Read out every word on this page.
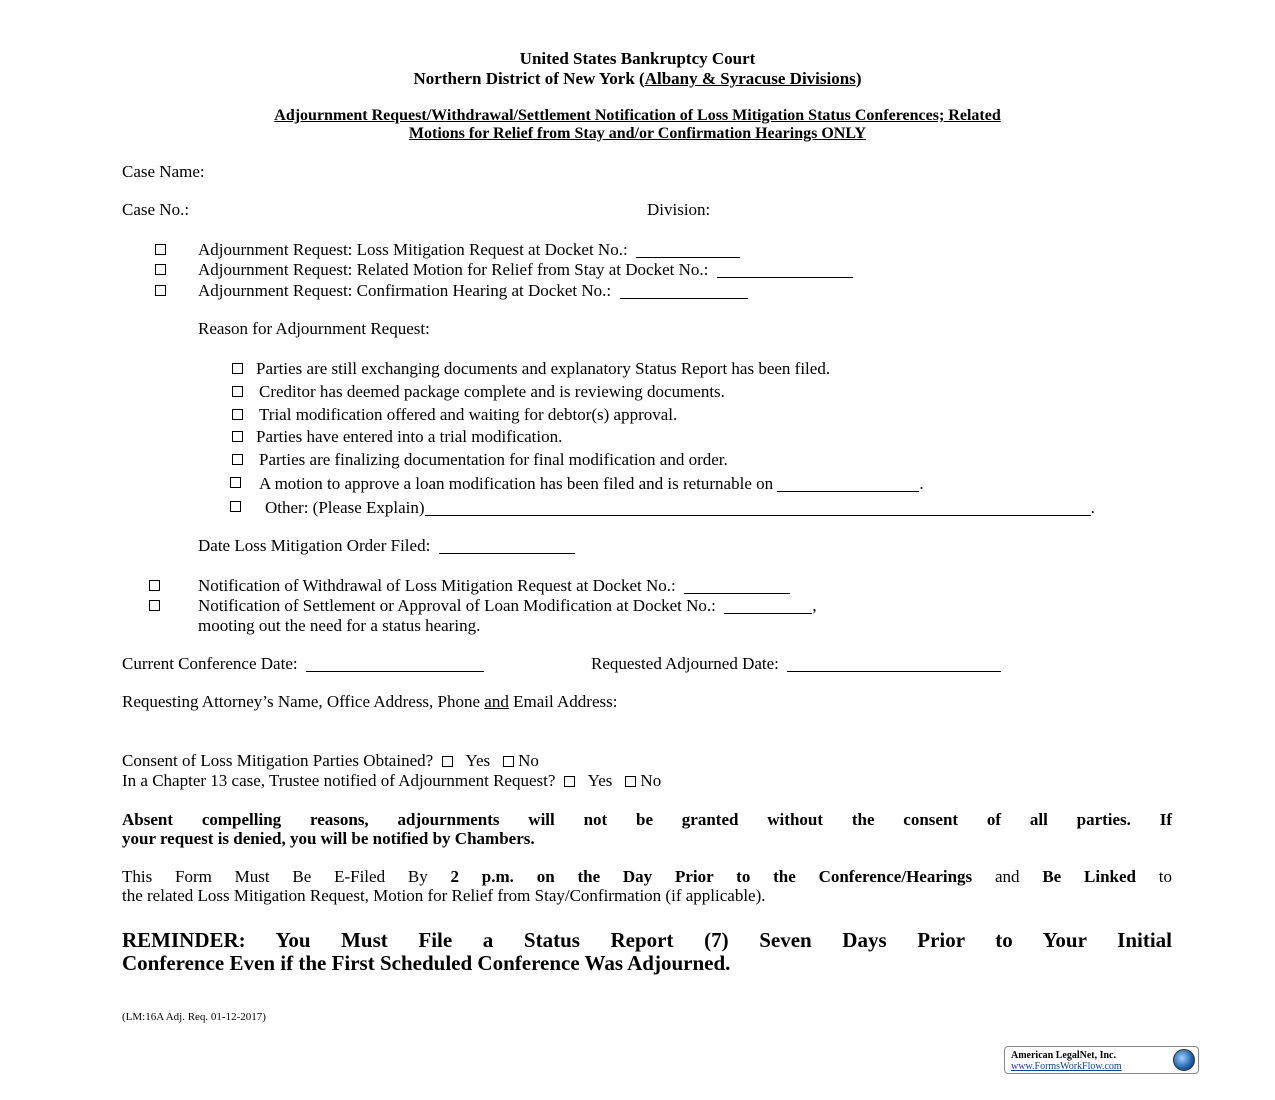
United States Bankruptcy Court
Northern District of New York (Albany & Syracuse Divisions)
Adjournment Request/Withdrawal/Settlement Notification of Loss Mitigation Status Conferences; Related
Motions for Relief from Stay and/or Confirmation Hearings ONLY
Case Name:
Case No.:	Division:
Adjournment Request: Loss Mitigation Request at Docket No.:
Adjournment Request: Related Motion for Relief from Stay at Docket No.:
Adjournment Request: Confirmation Hearing at Docket No.:
Reason for Adjournment Request:
Parties are still exchanging documents and explanatory Status Report has been filed.
Creditor has deemed package complete and is reviewing documents.
Trial modification offered and waiting for debtor(s) approval.
Parties have entered into a trial modification.
Parties are finalizing documentation for final modification and order.
A motion to approve a loan modification has been filed and is returnable on	.
Other: (Please Explain)	.
Date Loss Mitigation Order Filed:
Notification of Withdrawal of Loss Mitigation Request at Docket No.:
Notification of Settlement or Approval of Loan Modification at Docket No.:	,
mooting out the need for a status hearing.
Current Conference Date:	Requested Adjourned Date:
Requesting Attorney’s Name, Office Address, Phone and Email Address:
Consent of Loss Mitigation Parties Obtained? Yes No
In a Chapter 13 case, Trustee notified of Adjournment Request? Yes No
Absent compelling reasons, adjournments will not be granted without the consent of all parties. If
your request is denied, you will be notified by Chambers.
This Form Must Be E-Filed By 2 p.m. on the Day Prior to the Conference/Hearings and Be Linked to
the related Loss Mitigation Request, Motion for Relief from Stay/Confirmation (if applicable).
REMINDER: You Must File a Status Report (7) Seven Days Prior to Your Initial
Conference Even if the First Scheduled Conference Was Adjourned.
(LM:16A Adj. Req. 01-12-2017)
American LegalNet, Inc.
www.FormsWorkFlow.com
